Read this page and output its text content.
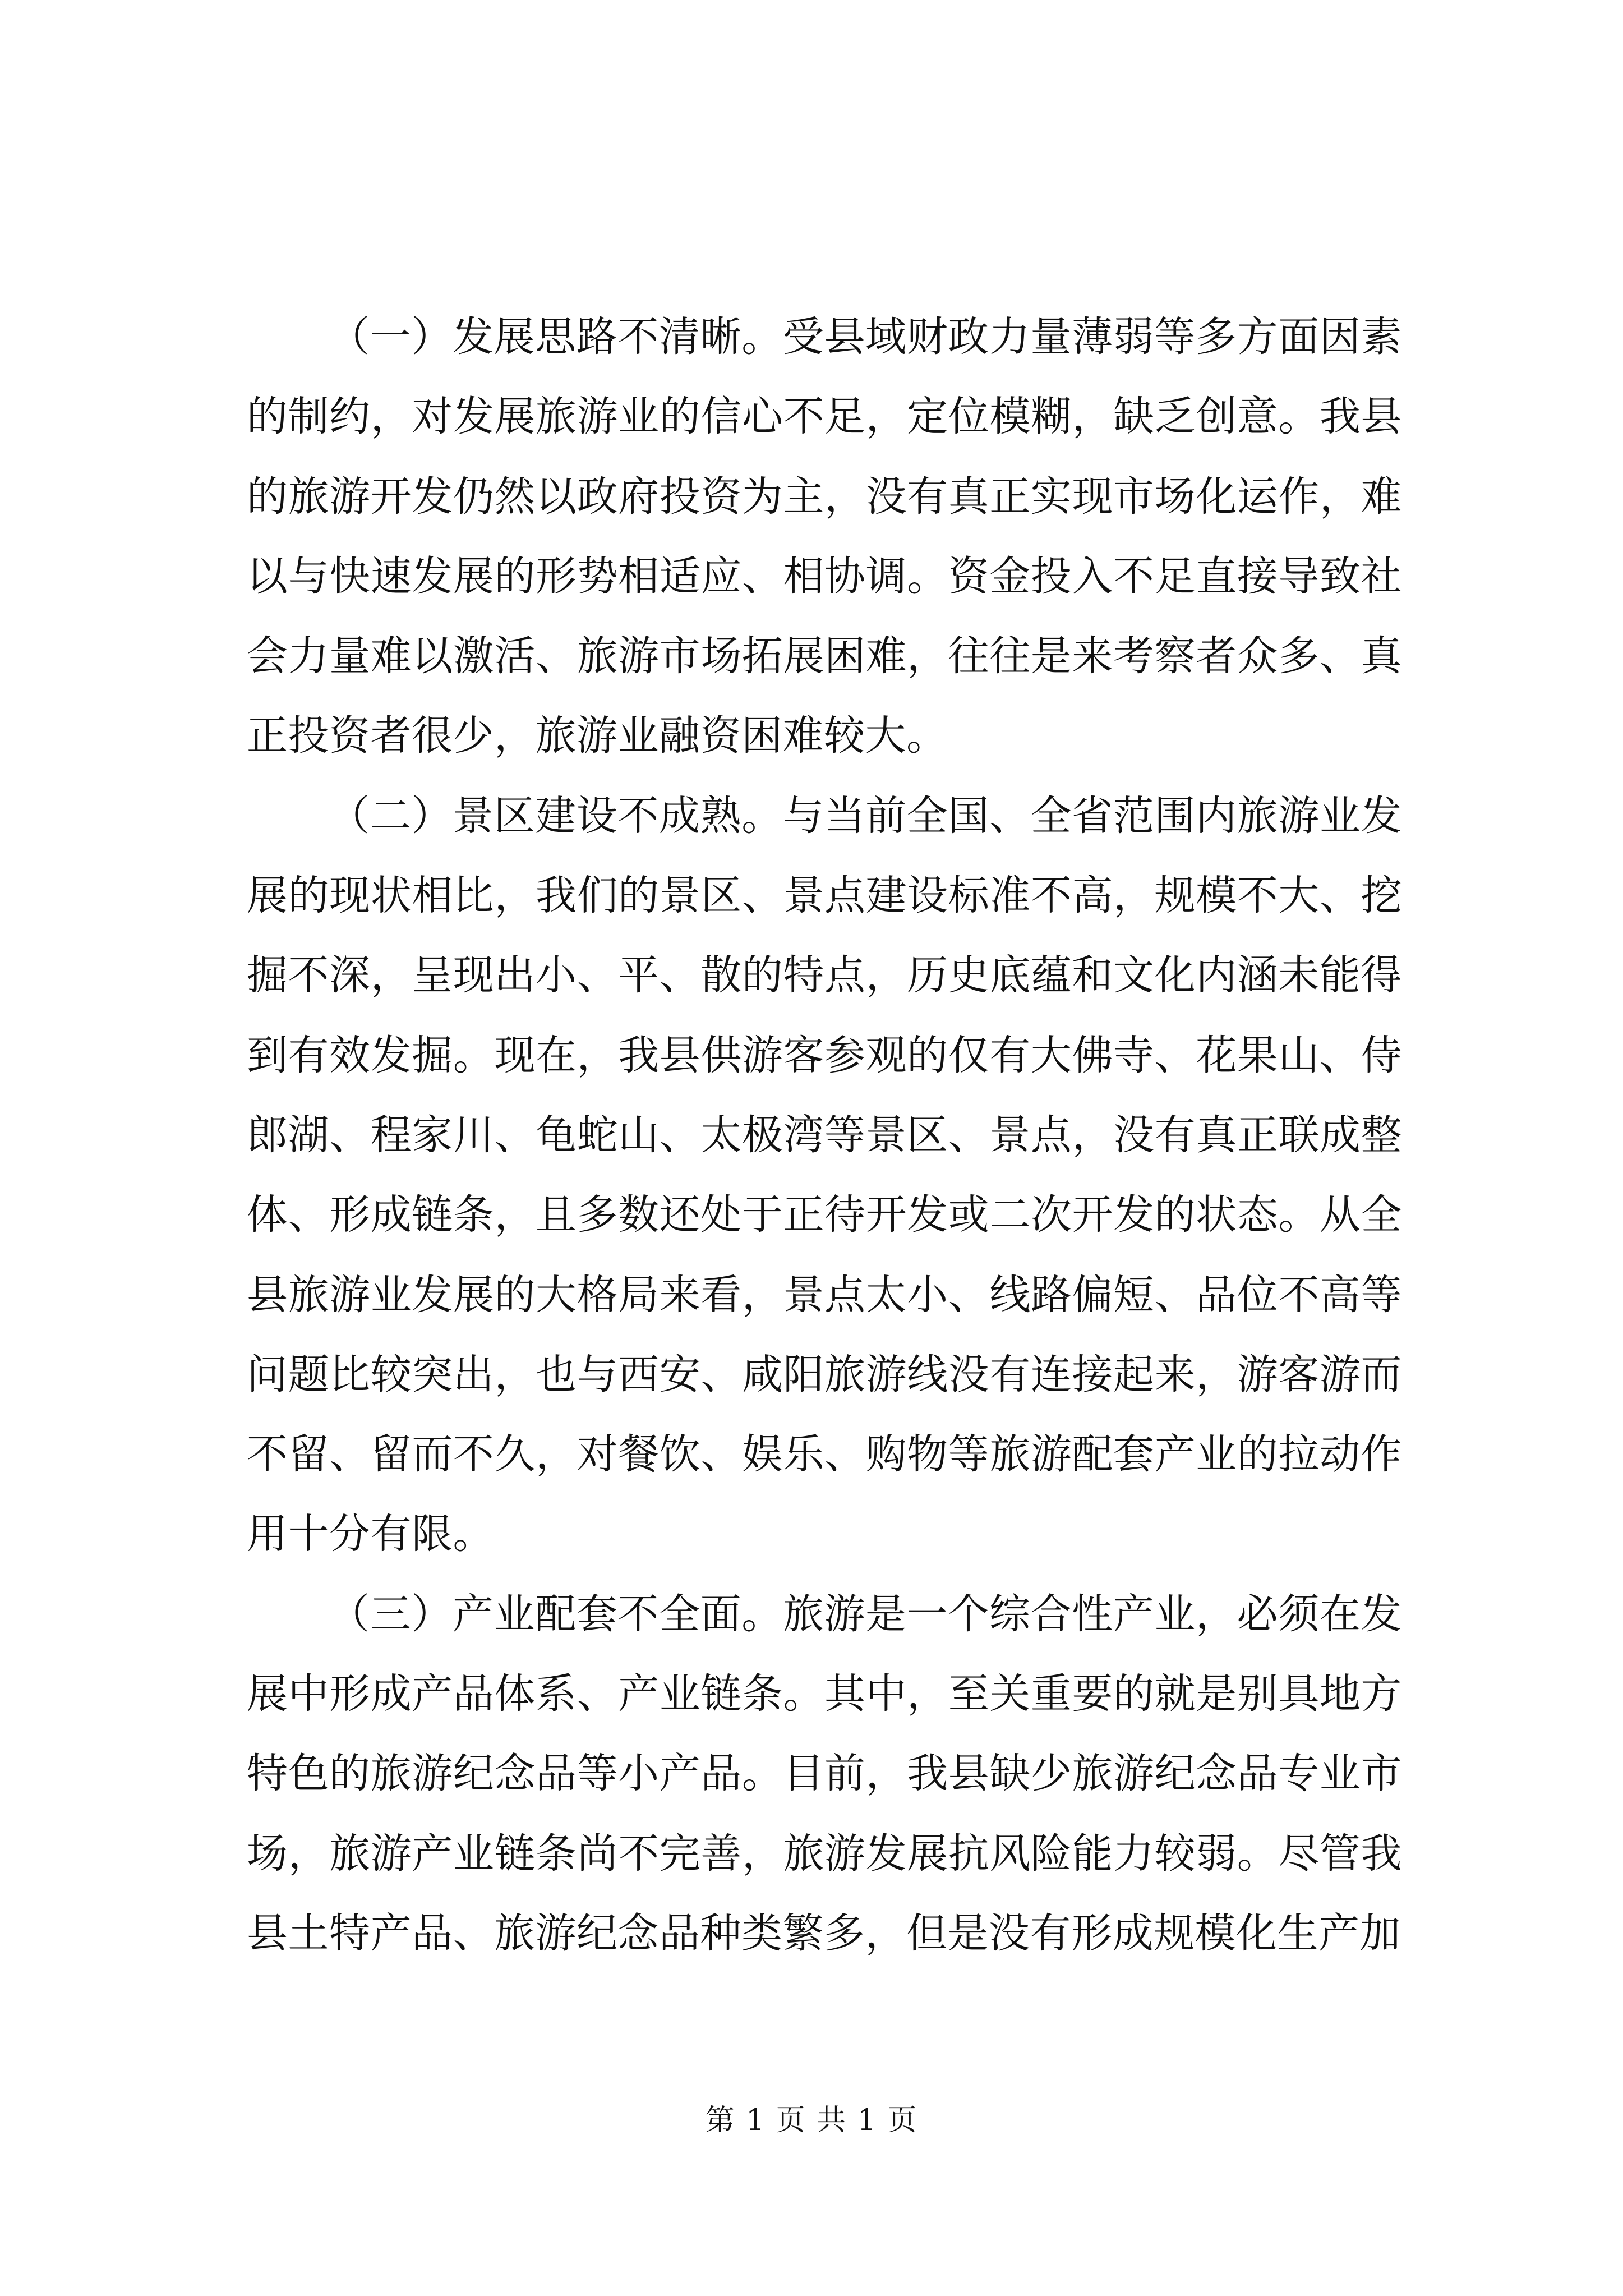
（一）发展思路不清晰。受县域财政力量薄弱等多方面因素的制约，对发展旅游业的信心不足，定位模糊，缺乏创意。我县的旅游开发仍然以政府投资为主，没有真正实现市场化运作，难以与快速发展的形势相适应、相协调。资金投入不足直接导致社会力量难以激活、旅游市场拓展困难，往往是来考察者众多、真正投资者很少，旅游业融资困难较大。

（二）景区建设不成熟。与当前全国、全省范围内旅游业发展的现状相比，我们的景区、景点建设标准不高，规模不大、挖掘不深，呈现出小、平、散的特点，历史底蕴和文化内涵未能得到有效发掘。现在，我县供游客参观的仅有大佛寺、花果山、侍郎湖、程家川、龟蛇山、太极湾等景区、景点，没有真正联成整体、形成链条，且多数还处于正待开发或二次开发的状态。从全县旅游业发展的大格局来看，景点太小、线路偏短、品位不高等问题比较突出，也与西安、咸阳旅游线没有连接起来，游客游而不留、留而不久，对餐饮、娱乐、购物等旅游配套产业的拉动作用十分有限。

（三）产业配套不全面。旅游是一个综合性产业，必须在发展中形成产品体系、产业链条。其中，至关重要的就是别具地方特色的旅游纪念品等小产品。目前，我县缺少旅游纪念品专业市场，旅游产业链条尚不完善，旅游发展抗风险能力较弱。尽管我县土特产品、旅游纪念品种类繁多，但是没有形成规模化生产加

第 1 页 共 1 页
